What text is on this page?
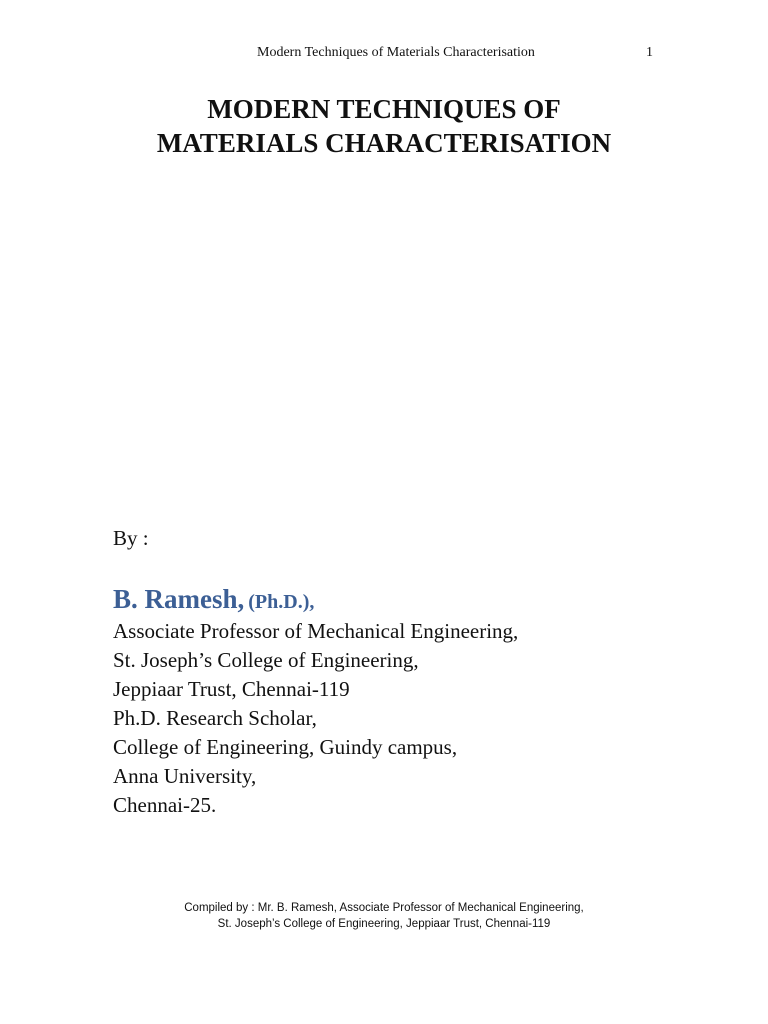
Modern Techniques of Materials Characterisation	1
MODERN TECHNIQUES OF
MATERIALS CHARACTERISATION
By :
B. Ramesh, (Ph.D.),
Associate Professor of Mechanical Engineering,
St. Joseph’s College of Engineering,
Jeppiaar Trust, Chennai-119
Ph.D. Research Scholar,
College of Engineering, Guindy campus,
Anna University,
Chennai-25.
Compiled by : Mr. B. Ramesh, Associate Professor of Mechanical Engineering,
St. Joseph’s College of Engineering, Jeppiaar Trust, Chennai-119
